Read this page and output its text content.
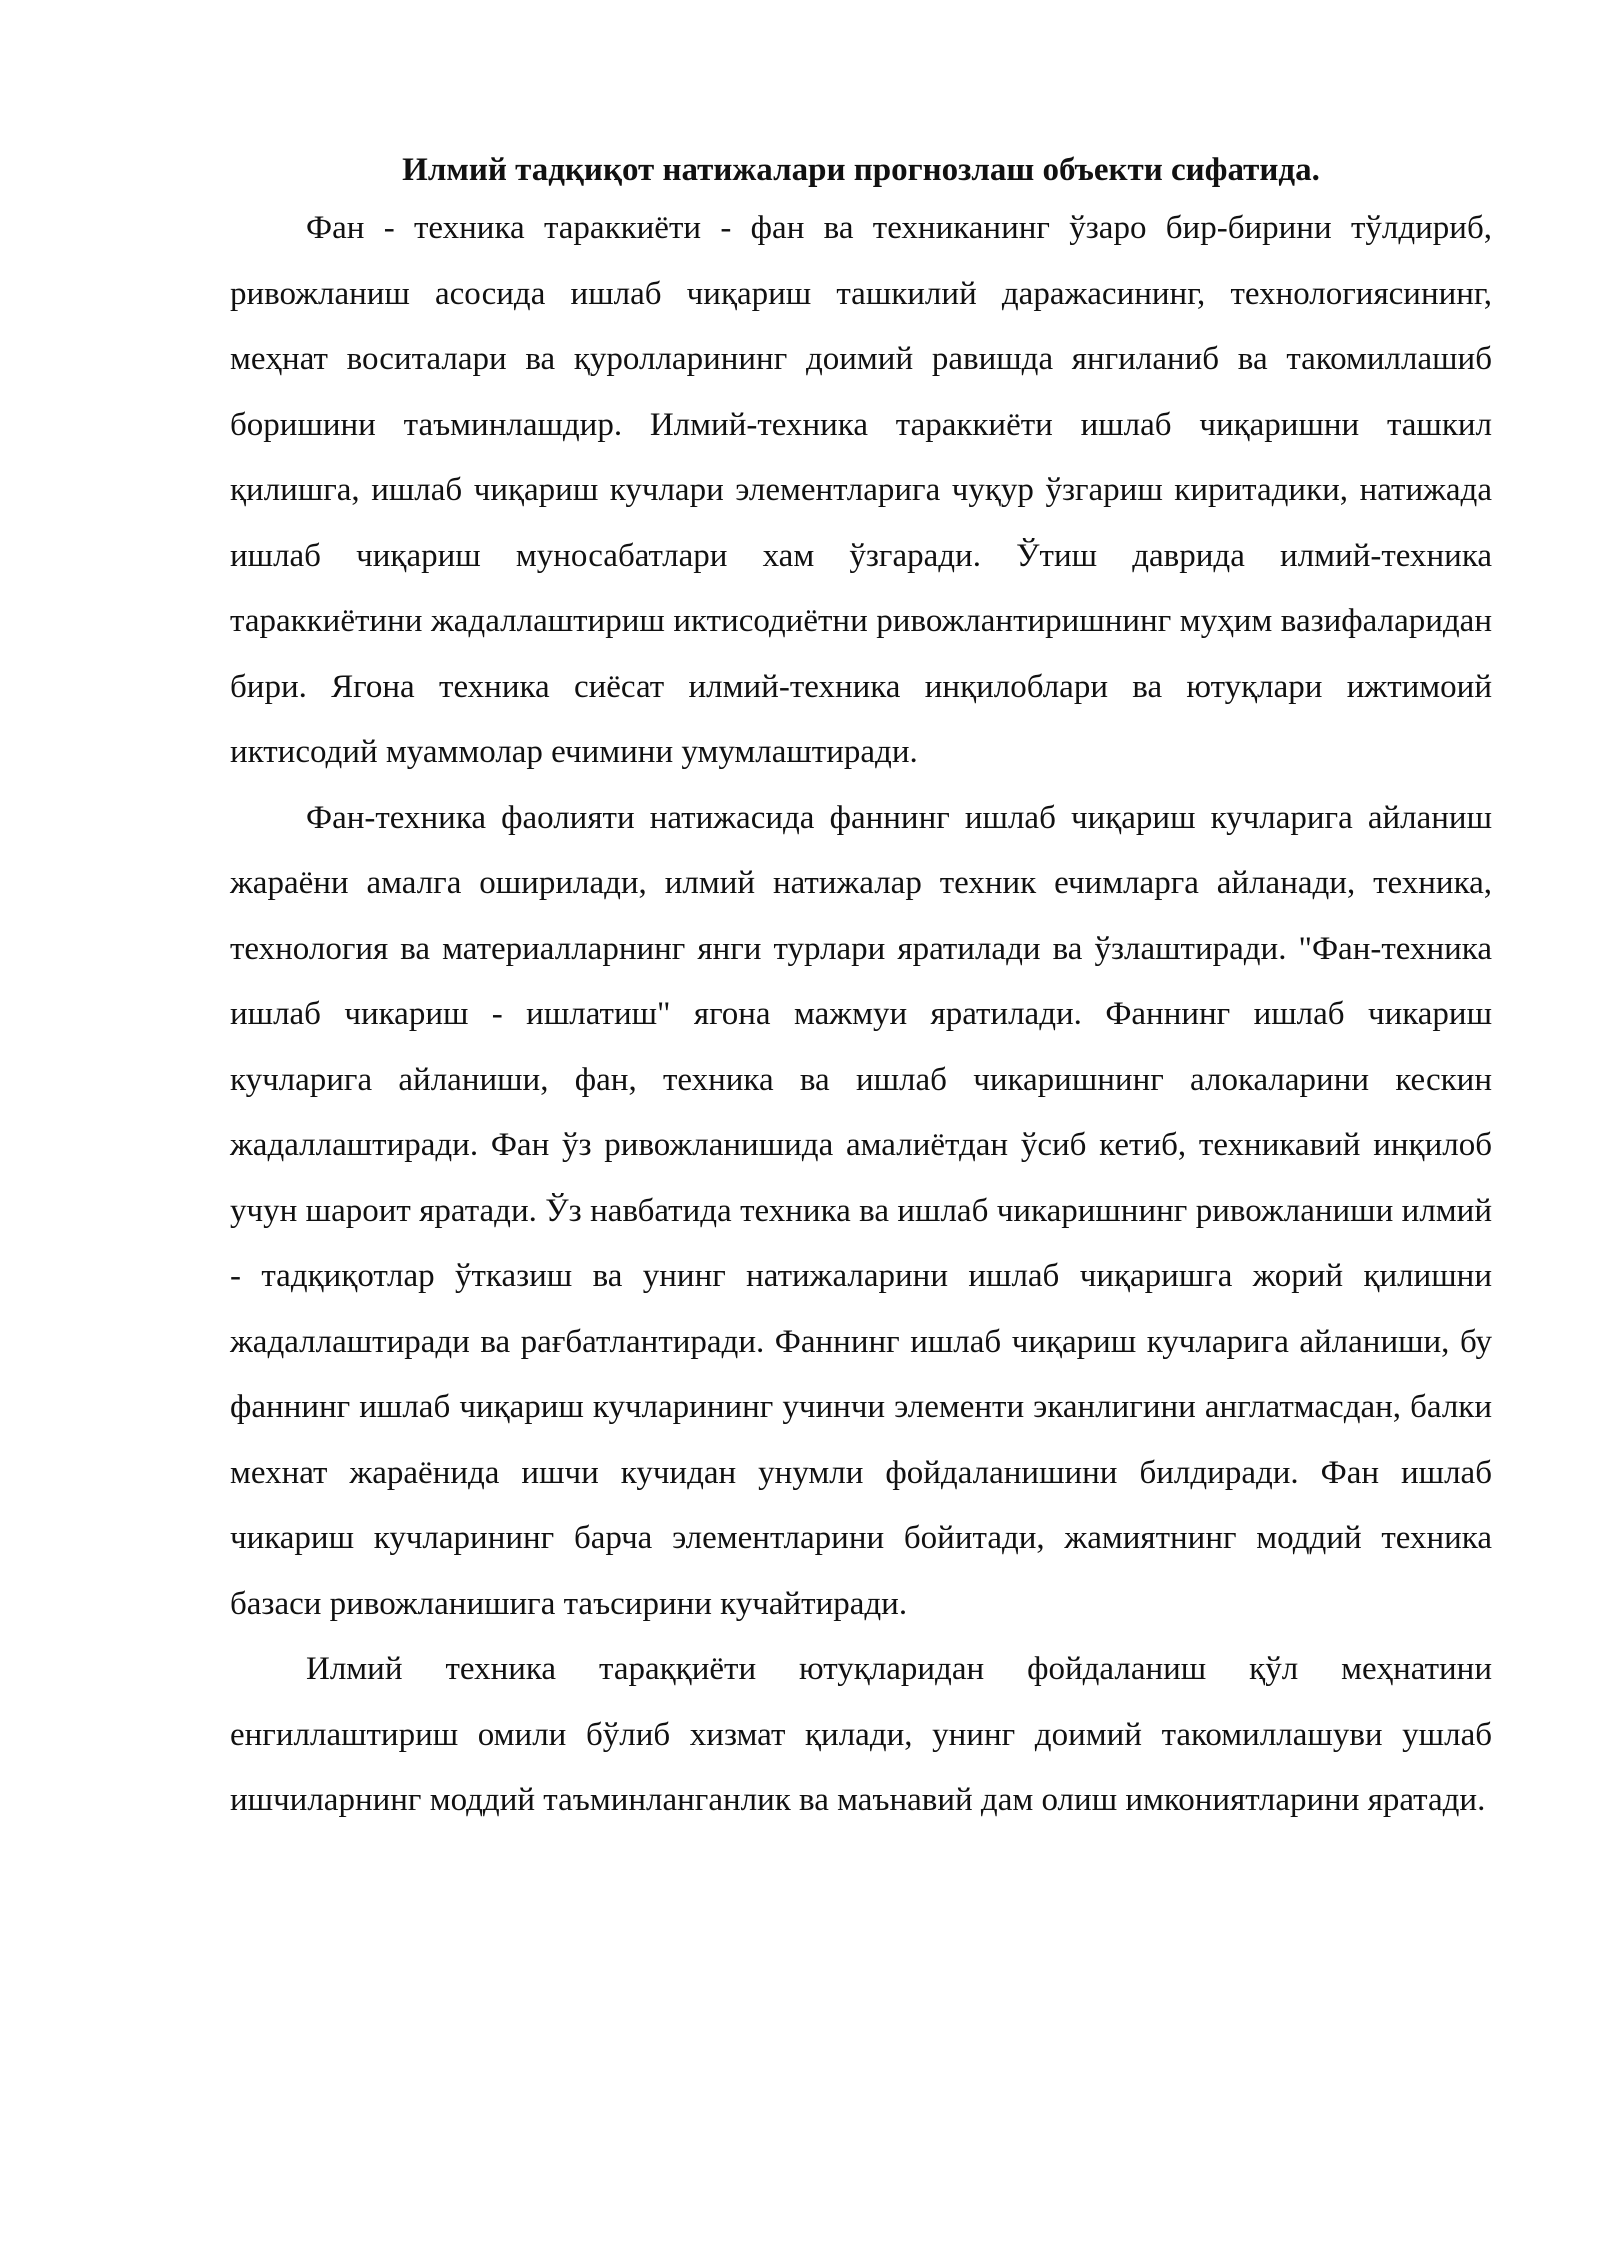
Илмий тадқиқот натижалари прогнозлаш объекти сифатида.

Фан - техника тараккиёти - фан ва техниканинг ўзаро бир-бирини тўлдириб, ривожланиш асосида ишлаб чиқариш ташкилий даражасининг, технологиясининг, меҳнат воситалари ва қуролларининг доимий равишда янгиланиб ва такомиллашиб боришини таъминлашдир. Илмий-техника тараккиёти ишлаб чиқаришни ташкил қилишга, ишлаб чиқариш кучлари элементларига чуқур ўзгариш киритадики, натижада ишлаб чиқариш муносабатлари хам ўзгаради. Ўтиш даврида илмий-техника тараккиётини жадаллаштириш иктисодиётни ривожлантиришнинг муҳим вазифаларидан бири. Ягона техника сиёсат илмий-техника инқилоблари ва ютуқлари ижтимоий иктисодий муаммолар ечимини умумлаштиради.

Фан-техника фаолияти натижасида фаннинг ишлаб чиқариш кучларига айланиш жараёни амалга оширилади, илмий натижалар техник ечимларга айланади, техника, технология ва материалларнинг янги турлари яратилади ва ўзлаштиради. "Фан-техника ишлаб чикариш - ишлатиш" ягона мажмуи яратилади. Фаннинг ишлаб чикариш кучларига айланиши, фан, техника ва ишлаб чикаришнинг алокаларини кескин жадаллаштиради. Фан ўз ривожланишида амалиётдан ўсиб кетиб, техникавий инқилоб учун шароит яратади. Ўз навбатида техника ва ишлаб чикаришнинг ривожланиши илмий - тадқиқотлар ўтказиш ва унинг натижаларини ишлаб чиқаришга жорий қилишни жадаллаштиради ва рағбатлантиради. Фаннинг ишлаб чиқариш кучларига айланиши, бу фаннинг ишлаб чиқариш кучларининг учинчи элементи эканлигини англатмасдан, балки мехнат жараёнида ишчи кучидан унумли фойдаланишини билдиради. Фан ишлаб чикариш кучларининг барча элементларини бойитади, жамиятнинг моддий техника базаси ривожланишига таъсирини кучайтиради.

Илмий техника тараққиёти ютуқларидан фойдаланиш қўл меҳнатини енгиллаштириш омили бўлиб хизмат қилади, унинг доимий такомиллашуви ушлаб ишчиларнинг моддий таъминланганлик ва маънавий дам олиш имкониятларини яратади.
